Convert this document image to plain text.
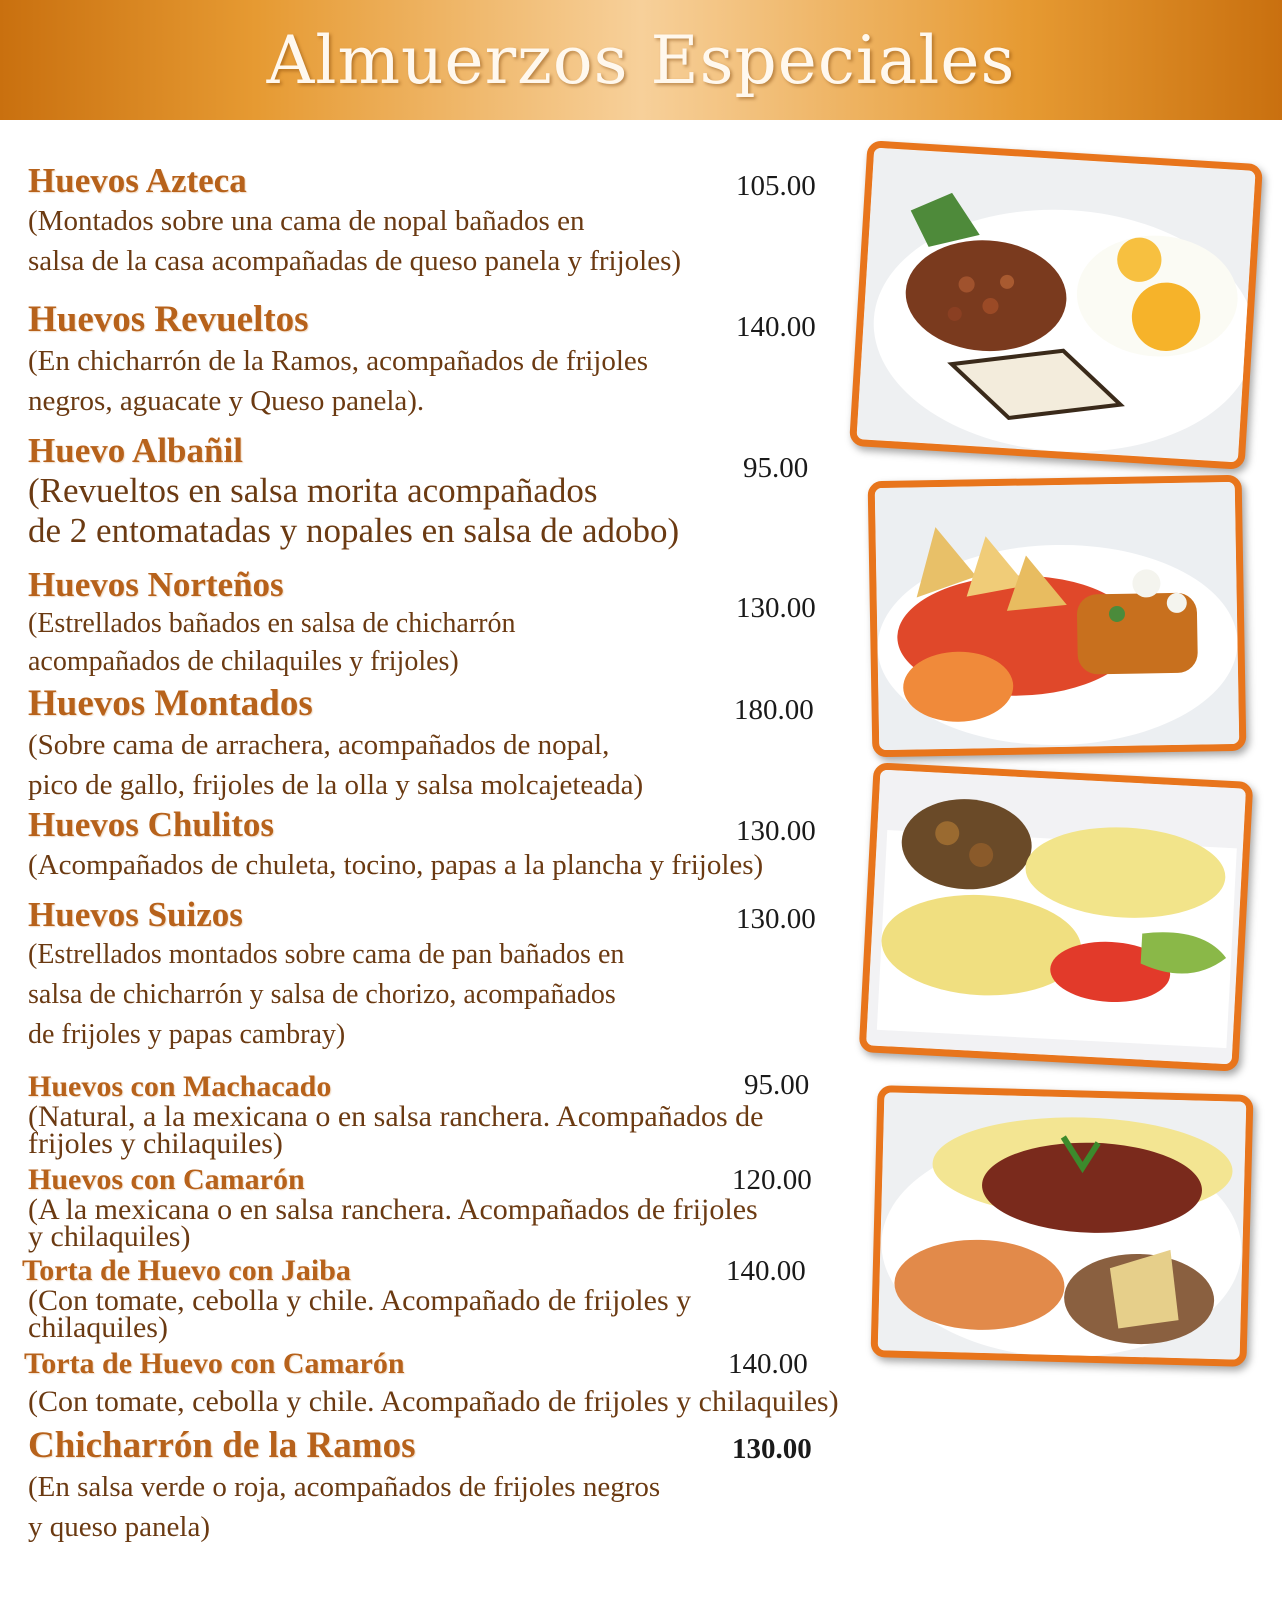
Almuerzos Especiales
Huevos Azteca
(Montados sobre una cama de nopal bañados en
salsa de la casa acompañadas de queso panela y frijoles)
105.00
Huevos Revueltos
(En chicharrón de la Ramos, acompañados de frijoles
negros, aguacate y Queso panela).
140.00
Huevo Albañil
(Revueltos en salsa morita acompañados
de 2 entomatadas y nopales en salsa de adobo)
95.00
Huevos Norteños
(Estrellados bañados en salsa de chicharrón
acompañados de chilaquiles y frijoles)
130.00
Huevos Montados
(Sobre cama de arrachera, acompañados de nopal,
pico de gallo, frijoles de la olla y salsa molcajeteada)
180.00
Huevos Chulitos
(Acompañados de chuleta, tocino, papas a la plancha y frijoles)
130.00
Huevos Suizos
(Estrellados montados sobre cama de pan bañados en
salsa de chicharrón y salsa de chorizo, acompañados
de frijoles y papas cambray)
130.00
Huevos con Machacado
(Natural, a la mexicana o en salsa ranchera. Acompañados de
frijoles y chilaquiles)
95.00
Huevos con Camarón
(A la mexicana o en salsa ranchera. Acompañados de frijoles
y chilaquiles)
120.00
Torta de Huevo con Jaiba
(Con tomate, cebolla y chile. Acompañado de frijoles y
chilaquiles)
140.00
Torta de Huevo con Camarón
(Con tomate, cebolla y chile. Acompañado de frijoles y chilaquiles)
140.00
Chicharrón de la Ramos
(En salsa verde o roja, acompañados de frijoles negros
y queso panela)
130.00
